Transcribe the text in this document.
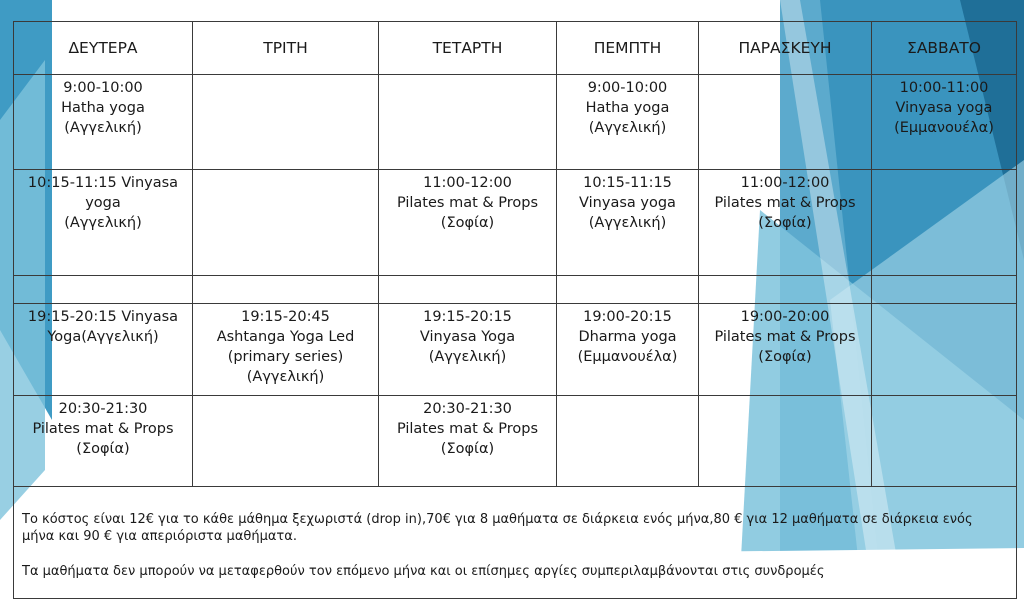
ΔΕΥΤΕΡΑ	ΤΡΙΤΗ	ΤΕΤΑΡΤΗ	ΠΕΜΠΤΗ	ΠΑΡΑΣΚΕΥΗ	ΣΑΒΒΑΤΟ
9:00-10:00
Hatha yoga
(Αγγελική)			9:00-10:00
Hatha yoga
(Αγγελική)		10:00-11:00
Vinyasa yoga
(Εμμανουέλα)
10:15-11:15 Vinyasa
yoga
(Αγγελική)		11:00-12:00
Pilates mat & Props
(Σοφία)	10:15-11:15
Vinyasa yoga
(Αγγελική)	11:00-12:00
Pilates mat & Props
(Σοφία)	

19:15-20:15 Vinyasa
Yoga(Αγγελική)	19:15-20:45
Ashtanga Yoga Led
(primary series)
(Αγγελική)	19:15-20:15
Vinyasa Yoga
(Αγγελική)	19:00-20:15
Dharma yoga
(Εμμανουέλα)	19:00-20:00
Pilates mat & Props
(Σοφία)	
20:30-21:30
Pilates mat & Props
(Σοφία)		20:30-21:30
Pilates mat & Props
(Σοφία)			

Το κόστος είναι 12€ για το κάθε μάθημα ξεχωριστά (drop in),70€ για 8 μαθήματα σε διάρκεια ενός μήνα,80 € για 12 μαθήματα σε διάρκεια ενός μήνα και 90 € για απεριόριστα μαθήματα.

Τα μαθήματα δεν μπορούν να μεταφερθούν τον επόμενο μήνα και οι επίσημες αργίες συμπεριλαμβάνονται στις συνδρομές					
